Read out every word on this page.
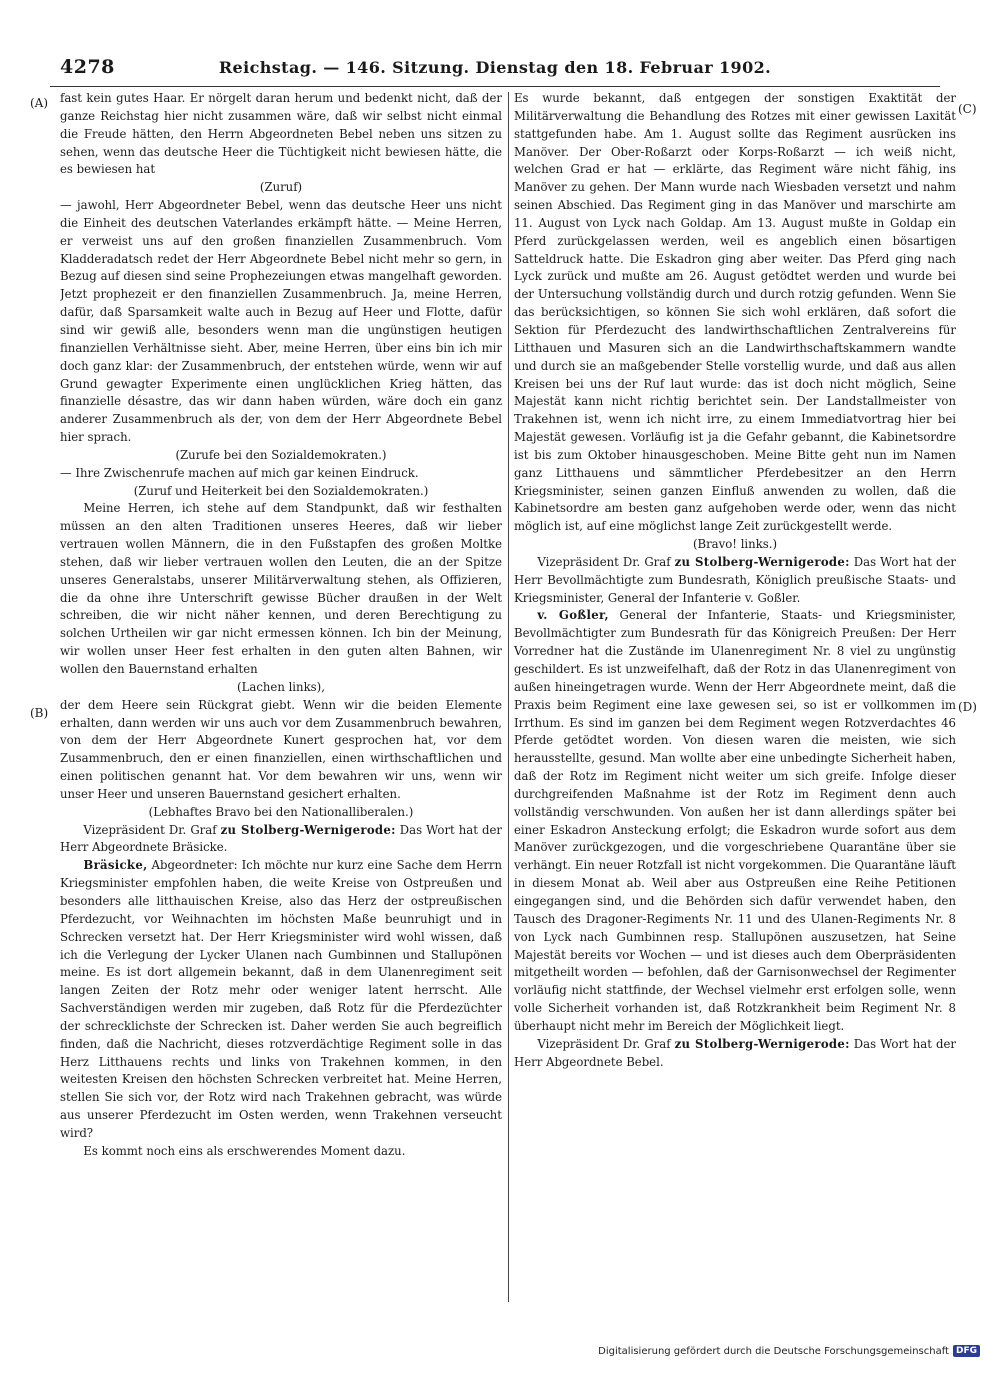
4278	Reichstag. — 146. Sitzung. Dienstag den 18. Februar 1902.
(A)
(B)
(C)
(D)

fast kein gutes Haar. Er nörgelt daran herum und bedenkt nicht, daß der ganze Reichstag hier nicht zusammen wäre, daß wir selbst nicht einmal die Freude hätten, den Herrn Abgeordneten Bebel neben uns sitzen zu sehen, wenn das deutsche Heer die Tüchtigkeit nicht bewiesen hätte, die es bewiesen hat

(Zuruf)

— jawohl, Herr Abgeordneter Bebel, wenn das deutsche Heer uns nicht die Einheit des deutschen Vaterlandes erkämpft hätte. — Meine Herren, er verweist uns auf den großen finanziellen Zusammenbruch. Vom Kladderadatsch redet der Herr Abgeordnete Bebel nicht mehr so gern, in Bezug auf diesen sind seine Prophezeiungen etwas mangelhaft geworden. Jetzt prophezeit er den finanziellen Zusammenbruch. Ja, meine Herren, dafür, daß Sparsamkeit walte auch in Bezug auf Heer und Flotte, dafür sind wir gewiß alle, besonders wenn man die ungünstigen heutigen finanziellen Verhältnisse sieht. Aber, meine Herren, über eins bin ich mir doch ganz klar: der Zusammenbruch, der entstehen würde, wenn wir auf Grund gewagter Experimente einen unglücklichen Krieg hätten, das finanzielle désastre, das wir dann haben würden, wäre doch ein ganz anderer Zusammenbruch als der, von dem der Herr Abgeordnete Bebel hier sprach.

(Zurufe bei den Sozialdemokraten.)

— Ihre Zwischenrufe machen auf mich gar keinen Eindruck.

(Zuruf und Heiterkeit bei den Sozialdemokraten.)

Meine Herren, ich stehe auf dem Standpunkt, daß wir festhalten müssen an den alten Traditionen unseres Heeres, daß wir lieber vertrauen wollen Männern, die in den Fußstapfen des großen Moltke stehen, daß wir lieber vertrauen wollen den Leuten, die an der Spitze unseres Generalstabs, unserer Militärverwaltung stehen, als Offizieren, die da ohne ihre Unterschrift gewisse Bücher draußen in der Welt schreiben, die wir nicht näher kennen, und deren Berechtigung zu solchen Urtheilen wir gar nicht ermessen können. Ich bin der Meinung, wir wollen unser Heer fest erhalten in den guten alten Bahnen, wir wollen den Bauernstand erhalten

(Lachen links),

der dem Heere sein Rückgrat giebt. Wenn wir die beiden Elemente erhalten, dann werden wir uns auch vor dem Zusammenbruch bewahren, von dem der Herr Abgeordnete Kunert gesprochen hat, vor dem Zusammenbruch, den er einen finanziellen, einen wirthschaftlichen und einen politischen genannt hat. Vor dem bewahren wir uns, wenn wir unser Heer und unseren Bauernstand gesichert erhalten.

(Lebhaftes Bravo bei den Nationalliberalen.)

Vizepräsident Dr. Graf zu Stolberg-Wernigerode: Das Wort hat der Herr Abgeordnete Bräsicke.

Bräsicke, Abgeordneter: Ich möchte nur kurz eine Sache dem Herrn Kriegsminister empfohlen haben, die weite Kreise von Ostpreußen und besonders alle litthauischen Kreise, also das Herz der ostpreußischen Pferdezucht, vor Weihnachten im höchsten Maße beunruhigt und in Schrecken versetzt hat. Der Herr Kriegsminister wird wohl wissen, daß ich die Verlegung der Lycker Ulanen nach Gumbinnen und Stallupönen meine. Es ist dort allgemein bekannt, daß in dem Ulanenregiment seit langen Zeiten der Rotz mehr oder weniger latent herrscht. Alle Sachverständigen werden mir zugeben, daß Rotz für die Pferdezüchter der schrecklichste der Schrecken ist. Daher werden Sie auch begreiflich finden, daß die Nachricht, dieses rotzverdächtige Regiment solle in das Herz Litthauens rechts und links von Trakehnen kommen, in den weitesten Kreisen den höchsten Schrecken verbreitet hat. Meine Herren, stellen Sie sich vor, der Rotz wird nach Trakehnen gebracht, was würde aus unserer Pferdezucht im Osten werden, wenn Trakehnen verseucht wird?

Es kommt noch eins als erschwerendes Moment dazu.

Es wurde bekannt, daß entgegen der sonstigen Exaktität der Militärverwaltung die Behandlung des Rotzes mit einer gewissen Laxität stattgefunden habe. Am 1. August sollte das Regiment ausrücken ins Manöver. Der Ober-Roßarzt oder Korps-Roßarzt — ich weiß nicht, welchen Grad er hat — erklärte, das Regiment wäre nicht fähig, ins Manöver zu gehen. Der Mann wurde nach Wiesbaden versetzt und nahm seinen Abschied. Das Regiment ging in das Manöver und marschirte am 11. August von Lyck nach Goldap. Am 13. August mußte in Goldap ein Pferd zurückgelassen werden, weil es angeblich einen bösartigen Satteldruck hatte. Die Eskadron ging aber weiter. Das Pferd ging nach Lyck zurück und mußte am 26. August getödtet werden und wurde bei der Untersuchung vollständig durch und durch rotzig gefunden. Wenn Sie das berücksichtigen, so können Sie sich wohl erklären, daß sofort die Sektion für Pferdezucht des landwirthschaftlichen Zentralvereins für Litthauen und Masuren sich an die Landwirthschaftskammern wandte und durch sie an maßgebender Stelle vorstellig wurde, und daß aus allen Kreisen bei uns der Ruf laut wurde: das ist doch nicht möglich, Seine Majestät kann nicht richtig berichtet sein. Der Landstallmeister von Trakehnen ist, wenn ich nicht irre, zu einem Immediatvortrag hier bei Majestät gewesen. Vorläufig ist ja die Gefahr gebannt, die Kabinetsordre ist bis zum Oktober hinausgeschoben. Meine Bitte geht nun im Namen ganz Litthauens und sämmtlicher Pferdebesitzer an den Herrn Kriegsminister, seinen ganzen Einfluß anwenden zu wollen, daß die Kabinetsordre am besten ganz aufgehoben werde oder, wenn das nicht möglich ist, auf eine möglichst lange Zeit zurückgestellt werde.

(Bravo! links.)

Vizepräsident Dr. Graf zu Stolberg-Wernigerode: Das Wort hat der Herr Bevollmächtigte zum Bundesrath, Königlich preußische Staats- und Kriegsminister, General der Infanterie v. Goßler.

v. Goßler, General der Infanterie, Staats- und Kriegsminister, Bevollmächtigter zum Bundesrath für das Königreich Preußen: Der Herr Vorredner hat die Zustände im Ulanenregiment Nr. 8 viel zu ungünstig geschildert. Es ist unzweifelhaft, daß der Rotz in das Ulanenregiment von außen hineingetragen wurde. Wenn der Herr Abgeordnete meint, daß die Praxis beim Regiment eine laxe gewesen sei, so ist er vollkommen im Irrthum. Es sind im ganzen bei dem Regiment wegen Rotzverdachtes 46 Pferde getödtet worden. Von diesen waren die meisten, wie sich herausstellte, gesund. Man wollte aber eine unbedingte Sicherheit haben, daß der Rotz im Regiment nicht weiter um sich greife. Infolge dieser durchgreifenden Maßnahme ist der Rotz im Regiment denn auch vollständig verschwunden. Von außen her ist dann allerdings später bei einer Eskadron Ansteckung erfolgt; die Eskadron wurde sofort aus dem Manöver zurückgezogen, und die vorgeschriebene Quarantäne über sie verhängt. Ein neuer Rotzfall ist nicht vorgekommen. Die Quarantäne läuft in diesem Monat ab. Weil aber aus Ostpreußen eine Reihe Petitionen eingegangen sind, und die Behörden sich dafür verwendet haben, den Tausch des Dragoner-Regiments Nr. 11 und des Ulanen-Regiments Nr. 8 von Lyck nach Gumbinnen resp. Stallupönen auszusetzen, hat Seine Majestät bereits vor Wochen — und ist dieses auch dem Oberpräsidenten mitgetheilt worden — befohlen, daß der Garnisonwechsel der Regimenter vorläufig nicht stattfinde, der Wechsel vielmehr erst erfolgen solle, wenn volle Sicherheit vorhanden ist, daß Rotzkrankheit beim Regiment Nr. 8 überhaupt nicht mehr im Bereich der Möglichkeit liegt.

Vizepräsident Dr. Graf zu Stolberg-Wernigerode: Das Wort hat der Herr Abgeordnete Bebel.

Digitalisierung gefördert durch die Deutsche Forschungsgemeinschaft DFG
